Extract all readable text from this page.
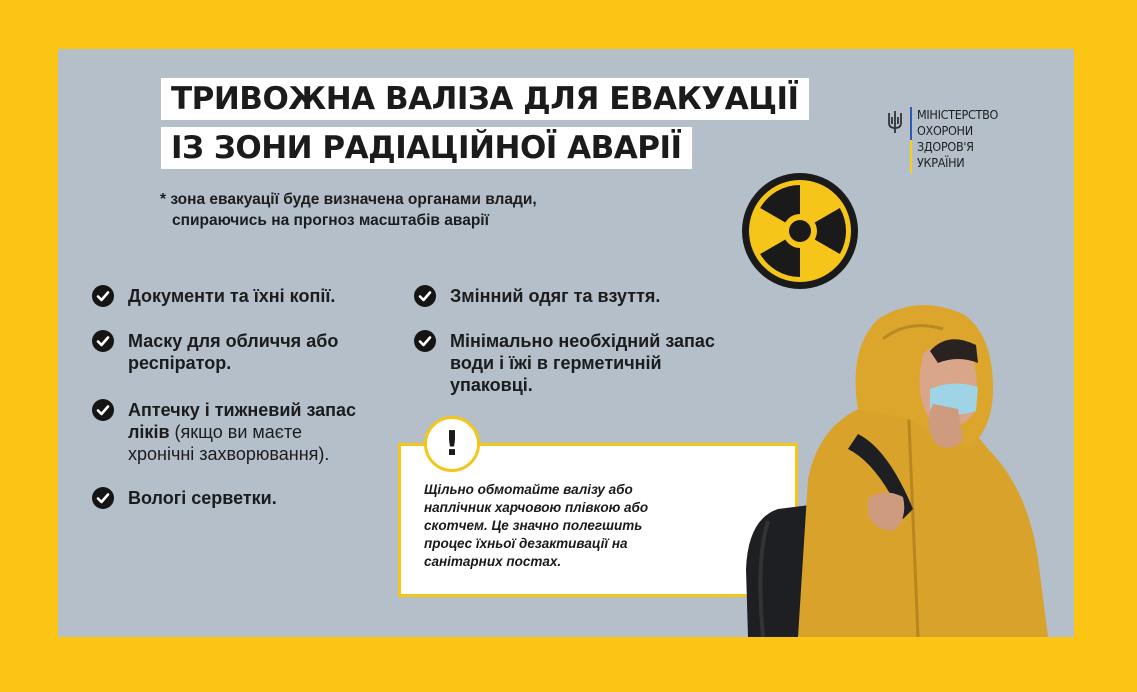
ТРИВОЖНА ВАЛІЗА ДЛЯ ЕВАКУАЦІЇ
ІЗ ЗОНИ РАДІАЦІЙНОЇ АВАРІЇ
* зона евакуації буде визначена органами влади,
спираючись на прогноз масштабів аварії
МІНІСТЕРСТВО
ОХОРОНИ
ЗДОРОВ'Я
УКРАЇНИ
Документи та їхні копії.
Маску для обличчя або
респіратор.
Аптечку і тижневий запас
ліків (якщо ви маєте
хронічні захворювання).
Вологі серветки.
Змінний одяг та взуття.
Мінімально необхідний запас
води і їжі в герметичній
упаковці.
!
Щільно обмотайте валізу або
наплічник харчовою плівкою або
скотчем. Це значно полегшить
процес їхньої дезактивації на
санітарних постах.
